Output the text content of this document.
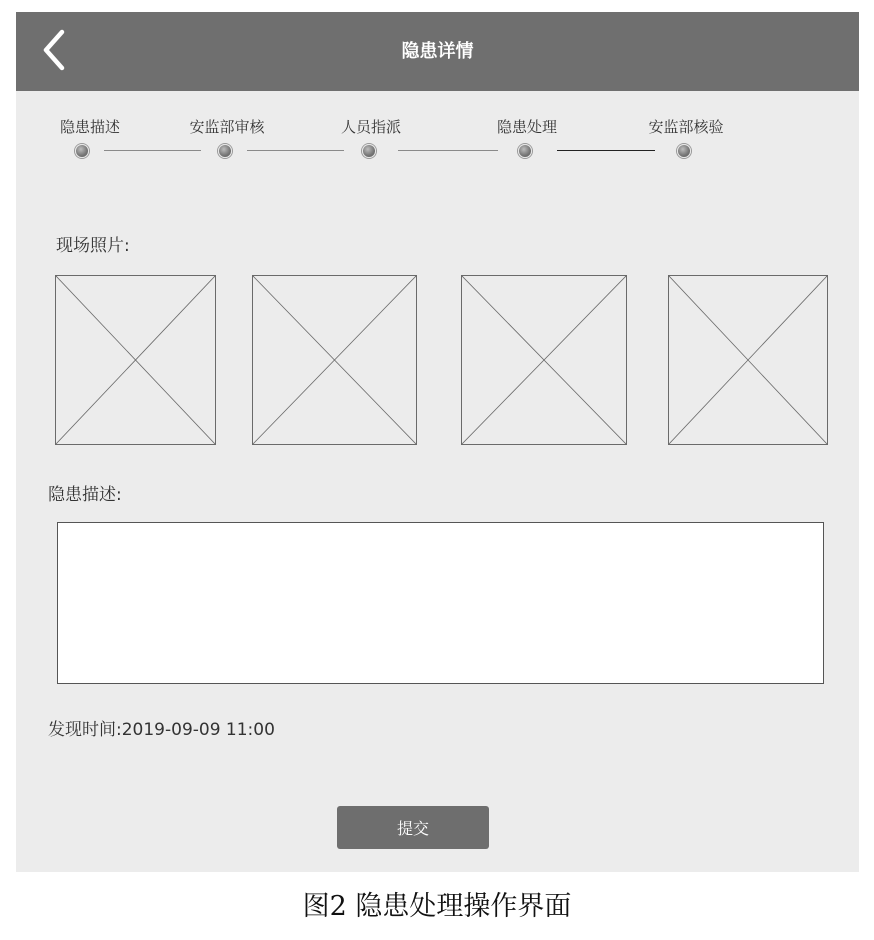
隐患详情
隐患描述	安监部审核	人员指派	隐患处理	安监部核验
现场照片:
隐患描述:
发现时间:2019-09-09 11:00
提交
图2 隐患处理操作界面
